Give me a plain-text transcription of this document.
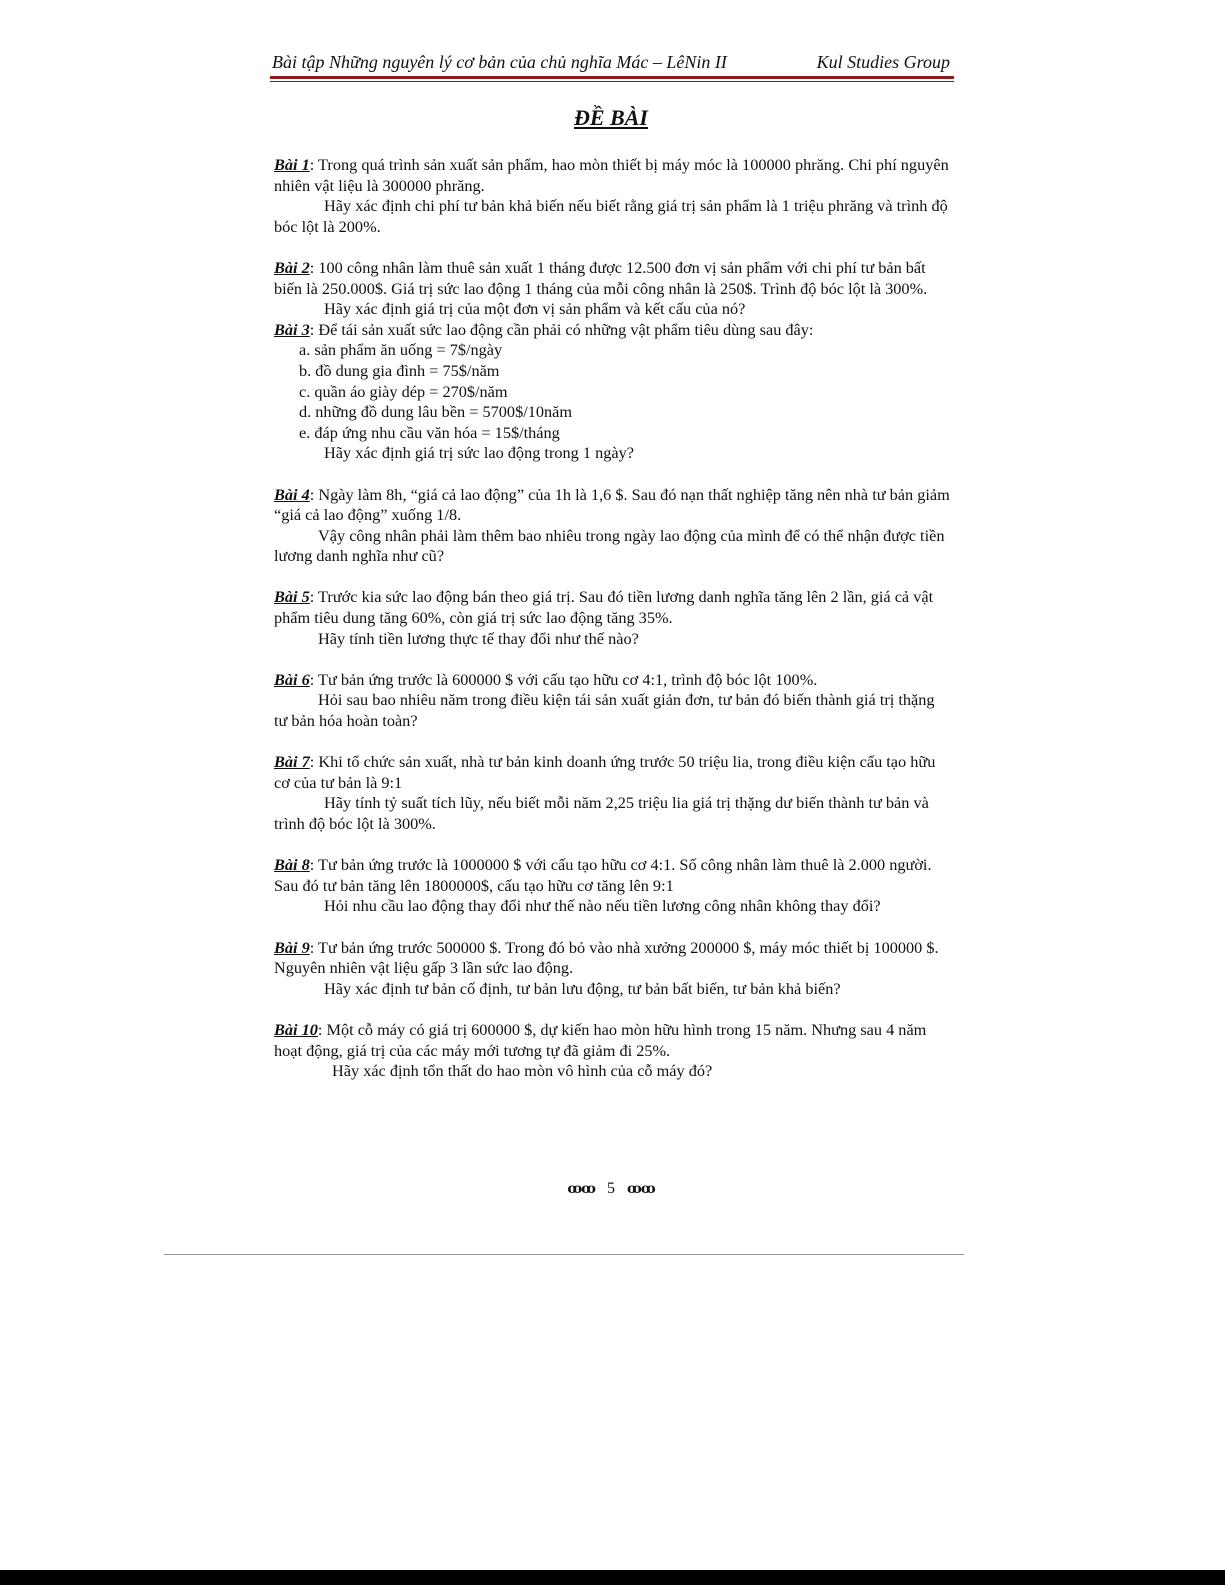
Bài tập Những nguyên lý cơ bản của chủ nghĩa Mác – LêNin II	Kul Studies Group
ĐỀ BÀI

Bài 1: Trong quá trình sản xuất sản phẩm, hao mòn thiết bị máy móc là 100000 phrăng. Chi phí nguyên nhiên vật liệu là 300000 phrăng.

Hãy xác định chi phí tư bản khả biến nếu biết rằng giá trị sản phẩm là 1 triệu phrăng và trình độ bóc lột là 200%.

Bài 2: 100 công nhân làm thuê sản xuất 1 tháng được 12.500 đơn vị sản phẩm với chi phí tư bản bất biến là 250.000$. Giá trị sức lao động 1 tháng của mỗi công nhân là 250$. Trình độ bóc lột là 300%.

Hãy xác định giá trị của một đơn vị sản phẩm và kết cấu của nó?

Bài 3: Để tái sản xuất sức lao động cần phải có những vật phẩm tiêu dùng sau đây:

a. sản phẩm ăn uống = 7$/ngày
b. đồ dung gia đình = 75$/năm
c. quần áo giày dép = 270$/năm
d. những đồ dung lâu bền = 5700$/10năm
e. đáp ứng nhu cầu văn hóa = 15$/tháng

Hãy xác định giá trị sức lao động trong 1 ngày?

Bài 4: Ngày làm 8h, “giá cả lao động” của 1h là 1,6 $. Sau đó nạn thất nghiệp tăng nên nhà tư bản giảm “giá cả lao động” xuống 1/8.

Vậy công nhân phải làm thêm bao nhiêu trong ngày lao động của mình để có thể nhận được tiền lương danh nghĩa như cũ?

Bài 5: Trước kia sức lao động bán theo giá trị. Sau đó tiền lương danh nghĩa tăng lên 2 lần, giá cả vật phẩm tiêu dung tăng 60%, còn giá trị sức lao động tăng 35%.

Hãy tính tiền lương thực tế thay đổi như thế nào?

Bài 6: Tư bản ứng trước là 600000 $ với cấu tạo hữu cơ 4:1, trình độ bóc lột 100%.

Hỏi sau bao nhiêu năm trong điều kiện tái sản xuất giản đơn, tư bản đó biến thành giá trị thặng tư bản hóa hoàn toàn?

Bài 7: Khi tổ chức sản xuất, nhà tư bản kinh doanh ứng trước 50 triệu lia, trong điều kiện cấu tạo hữu cơ của tư bản là 9:1

Hãy tính tỷ suất tích lũy, nếu biết mỗi năm 2,25 triệu lia giá trị thặng dư biến thành tư bản và trình độ bóc lột là 300%.

Bài 8: Tư bản ứng trước là 1000000 $ với cấu tạo hữu cơ 4:1. Số công nhân làm thuê là 2.000 người. Sau đó tư bản tăng lên 1800000$, cấu tạo hữu cơ tăng lên 9:1

Hỏi nhu cầu lao động thay đổi như thế nào nếu tiền lương công nhân không thay đổi?

Bài 9: Tư bản ứng trước 500000 $. Trong đó bỏ vào nhà xưởng 200000 $, máy móc thiết bị 100000 $. Nguyên nhiên vật liệu gấp 3 lần sức lao động.

Hãy xác định tư bản cố định, tư bản lưu động, tư bản bất biến, tư bản khả biến?

Bài 10: Một cỗ máy có giá trị 600000 $, dự kiến hao mòn hữu hình trong 15 năm. Nhưng sau 4 năm hoạt động, giá trị của các máy mới tương tự đã giảm đi 25%.

Hãy xác định tổn thất do hao mòn vô hình của cỗ máy đó?

ꝏꝏ 5 ꝏꝏ
